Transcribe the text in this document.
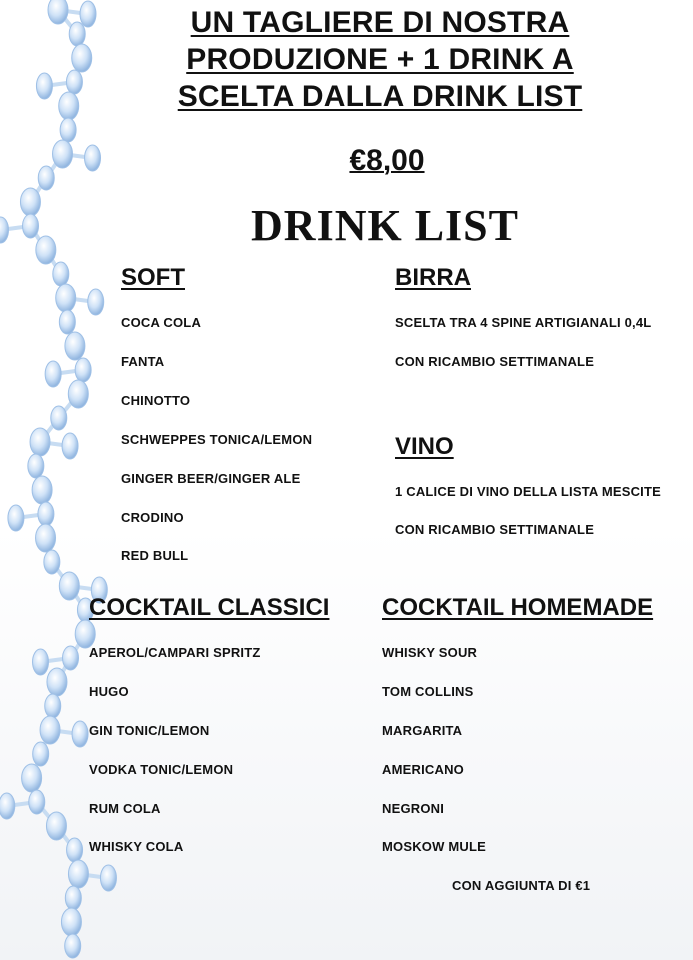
UN TAGLIERE DI NOSTRA
PRODUZIONE + 1 DRINK A
SCELTA DALLA DRINK LIST
€8,00
DRINK LIST
SOFT
COCA COLA
FANTA
CHINOTTO
SCHWEPPES TONICA/LEMON
GINGER BEER/GINGER ALE
CRODINO
RED BULL
BIRRA
SCELTA TRA 4 SPINE ARTIGIANALI 0,4L
CON RICAMBIO SETTIMANALE
VINO
1 CALICE DI VINO DELLA LISTA MESCITE
CON RICAMBIO SETTIMANALE
COCKTAIL CLASSICI
APEROL/CAMPARI SPRITZ
HUGO
GIN TONIC/LEMON
VODKA TONIC/LEMON
RUM COLA
WHISKY COLA
COCKTAIL HOMEMADE
WHISKY SOUR
TOM COLLINS
MARGARITA
AMERICANO
NEGRONI
MOSKOW MULE
CON AGGIUNTA DI €1
